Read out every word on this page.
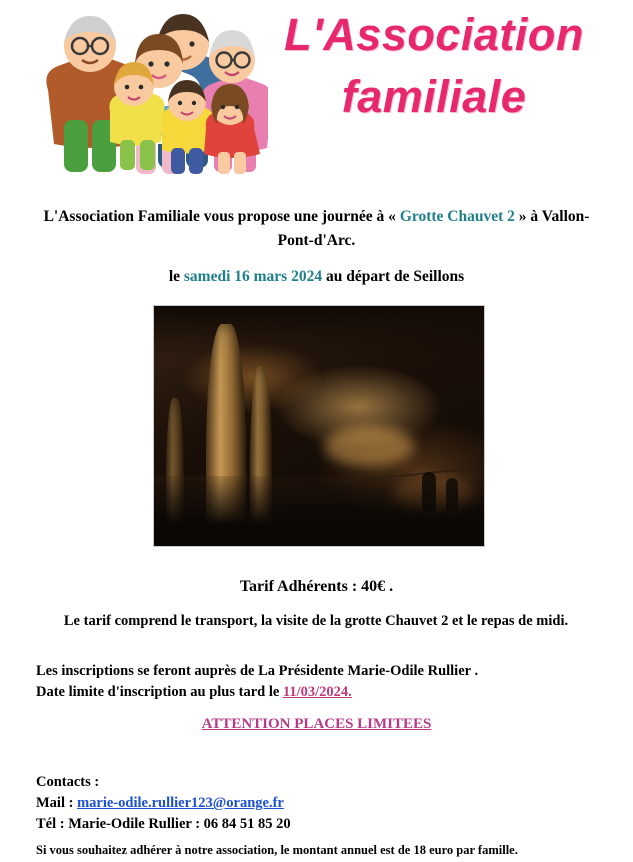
L'Association
familiale
L'Association Familiale vous propose une journée à « Grotte Chauvet 2 » à Vallon-Pont-d'Arc.
le samedi 16 mars 2024 au départ de Seillons
Tarif Adhérents : 40€ .
Le tarif comprend le transport, la visite de la grotte Chauvet 2 et le repas de midi.
Les inscriptions se feront auprès de La Présidente Marie-Odile Rullier .
Date limite d'inscription au plus tard le 11/03/2024.
ATTENTION PLACES LIMITEES
Contacts :
Mail : marie-odile.rullier123@orange.fr
Tél : Marie-Odile Rullier : 06 84 51 85 20
Si vous souhaitez adhérer à notre association, le montant annuel est de 18 euro par famille.
